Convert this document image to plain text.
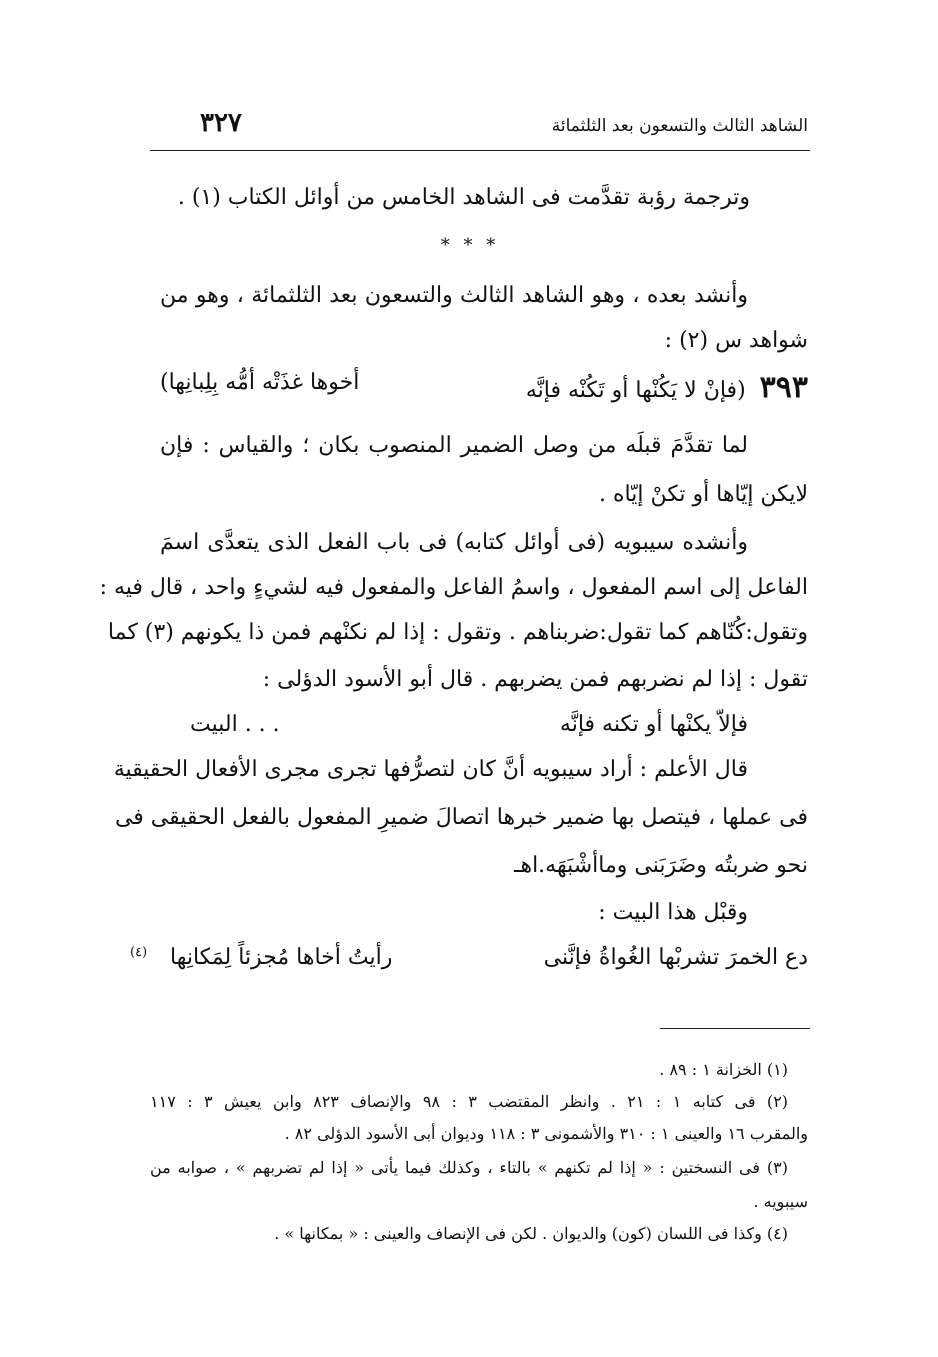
الشاهد الثالث والتسعون بعد الثلثمائة
٣٢٧
وترجمة رؤبة تقدَّمت فى الشاهد الخامس من أوائل الكتاب (١) .
* * *
وأنشد بعده ، وهو الشاهد الثالث والتسعون بعد الثلثمائة ، وهو من
شواهد س (٢) :
٣٩٣(فإنْ لا يَكُنْها أو تَكُنْه فإنَّه
أخوها غذَتْه أمُّه بِلِبانِها)
لما تقدَّمَ قبلَه من وصل الضمير المنصوب بكان ؛ والقياس : فإن
لايكن إيّاها أو تكنْ إيّاه .
وأنشده سيبويه (فى أوائل كتابه) فى باب الفعل الذى يتعدَّى اسمَ
الفاعل إلى اسم المفعول ، واسمُ الفاعل والمفعول فيه لشيءٍ واحد ، قال فيه :
وتقول:كُنّاهم كما تقول:ضربناهم . وتقول : إذا لم نكنْهم فمن ذا يكونهم (٣) كما
تقول : إذا لم نضربهم فمن يضربهم . قال أبو الأسود الدؤلى :
فإلاّ يكنْها أو تكنه فإنَّه
. . . البيت
قال الأعلم : أراد سيبويه أنَّ كان لتصرُّفها تجرى مجرى الأفعال الحقيقية
فى عملها ، فيتصل بها ضمير خبرها اتصالَ ضميرِ المفعول بالفعل الحقيقى فى
نحو ضربتُه وضَرَبَنى وماأشْبَهَه.اهـ
وقبْل هذا البيت :
دع الخمرَ تشربْها الغُواةُ فإنَّنى
رأيتُ أخاها مُجزئاً لِمَكانِها
(٤)
(١) الخزانة ١ : ٨٩ .
(٢) فى كتابه ١ : ٢١ . وانظر المقتضب ٣ : ٩٨ والإنصاف ٨٢٣ وابن يعيش ٣ : ١١٧
والمقرب ١٦ والعينى ١ : ٣١٠ والأشمونى ٣ : ١١٨ وديوان أبى الأسود الدؤلى ٨٢ .
(٣) فى النسختين : « إذا لم تكنهم » بالتاء ، وكذلك فيما يأتى « إذا لم تضربهم » ، صوابه من
سيبويه .
(٤) وكذا فى اللسان (كون) والديوان . لكن فى الإنصاف والعينى : « بمكانها » .
